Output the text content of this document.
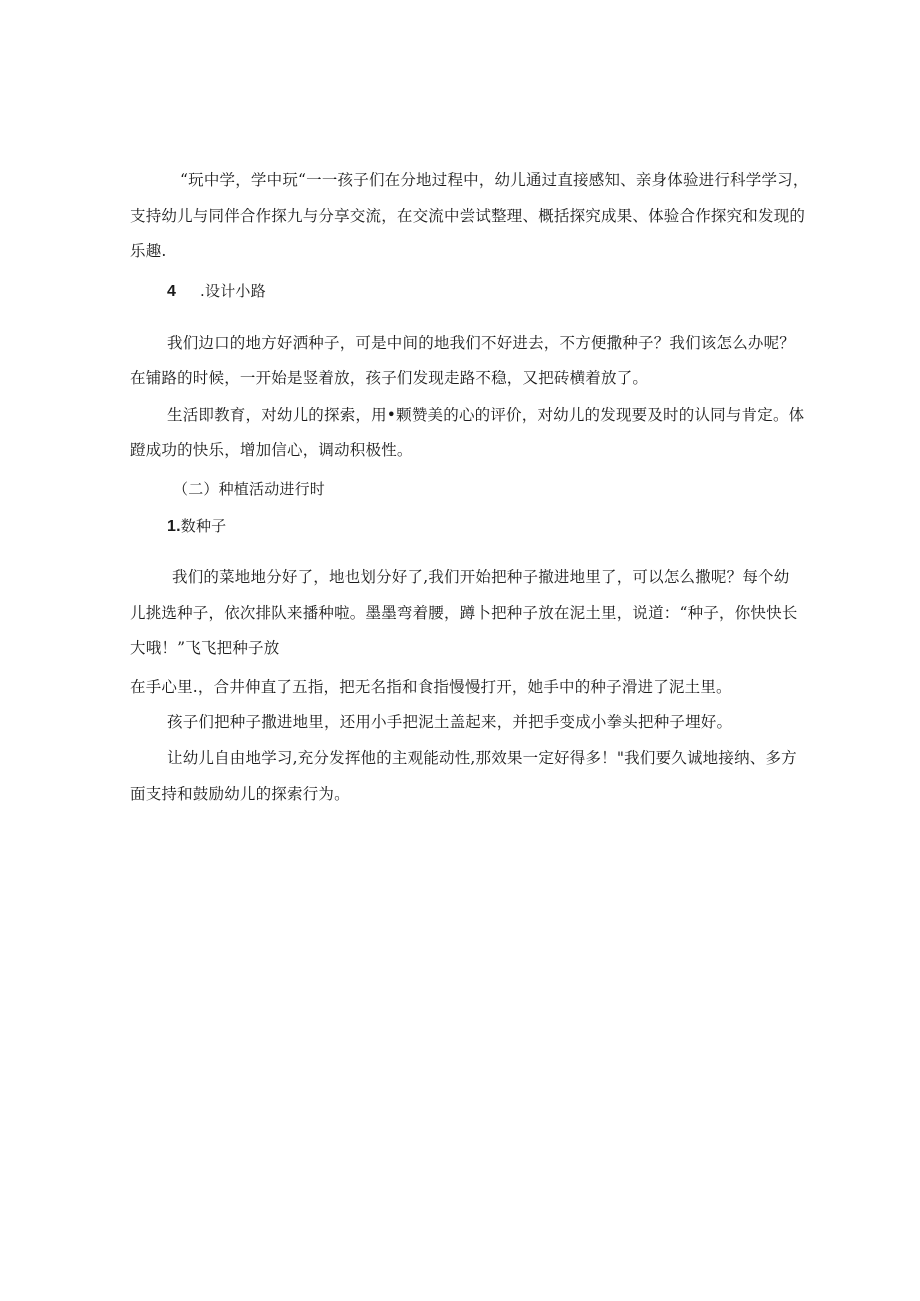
“玩中学，学中玩“一一孩子们在分地过程中，幼儿通过直接感知、亲身体验进行科学学习，
支持幼儿与同伴合作探九与分享交流，在交流中尝试整理、概括探究成果、体验合作探究和发现的
乐趣.
4 .设计小路
我们边口的地方好洒种子，可是中间的地我们不好进去，不方便撒种子？我们该怎么办呢？
在铺路的时候，一开始是竖着放，孩子们发现走路不稳，又把砖横着放了。
生活即教育，对幼儿的探索，用•颗赞美的心的评价，对幼儿的发现要及时的认同与肯定。体
蹬成功的快乐，增加信心，调动积极性。
（二）种植活动进行时
1.数种子
我们的菜地地分好了，地也划分好了,我们开始把种子撤进地里了，可以怎么撒呢？每个幼
儿挑选种子，依次排队来播种啦。墨墨弯着腰，蹲卜把种子放在泥土里，说道：“种子，你快快长
大哦！”飞飞把种子放
在手心里.，合井伸直了五指，把无名指和食指慢慢打开，她手中的种子滑进了泥土里。
孩子们把种子撒进地里，还用小手把泥土盖起来，并把手变成小拳头把种子埋好。
让幼儿自由地学习,充分发挥他的主观能动性,那效果一定好得多！"我们要久诚地接纳、多方
面支持和鼓励幼儿的探索行为。
